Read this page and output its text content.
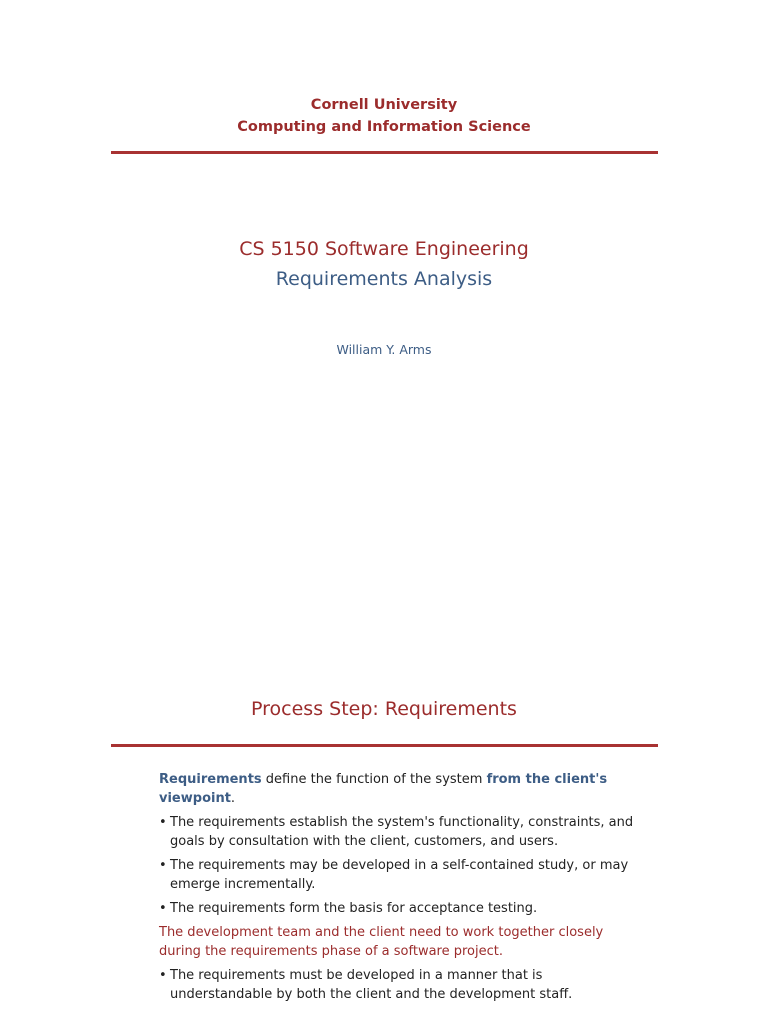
Cornell University
Computing and Information Science
CS 5150 Software Engineering
Requirements Analysis
William Y. Arms
Process Step: Requirements

Requirements define the function of the system from the client's viewpoint.

• The requirements establish the system's functionality, constraints, and goals by consultation with the client, customers, and users.
• The requirements may be developed in a self-contained study, or may emerge incrementally.
• The requirements form the basis for acceptance testing.

The development team and the client need to work together closely during the requirements phase of a software project.

• The requirements must be developed in a manner that is understandable by both the client and the development staff.
